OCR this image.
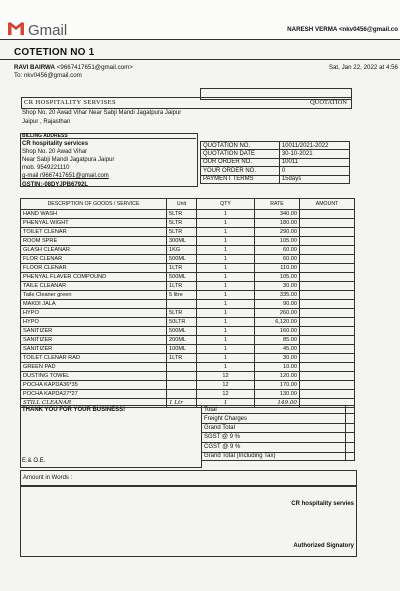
Gmail	NARESH VERMA <nkv0456@gmail.co
COTETION NO 1
RAVI BAIRWA <9667417651@gmail.com>
To: nkv0456@gmail.com
Sat, Jan 22, 2022 at 4:56
CR HOSPITALITY SERVISES	QUOTATION
Shop No. 20 Awad Vihar Near Sabji Mandi Jagatpura Jaipur
Jaipur , Rajasthan
BILLING ADDRESS
CR hospitality services
Shop No. 20 Awad Vihar
Near Sabji Mandi Jagatpura Jaipur
mob. 9549221110
g-mail r9667417651@gmail.com
GSTIN:-08DYJPB6792L
QUOTATION NO.	10011/2021-2022
QUOTATION DATE	30-10-2021
OUR ORDER NO.	10011
YOUR ORDER NO.	0
PAYMENT TERMS	15days
DESCRIPTION OF GOODS / SERVICE	Unit	QTY	RATE	AMOUNT
HAND WASH	5LTR	1	340.00	
PHENYAL WIGHT	5LTR	1	180.00	
TOILET CLENAR	5LTR	1	290.00	
ROOM SPRE	300ML	1	105.00	
GLASH CLEANAR	1KG	1	60.00	
FLOR CLENAR	500ML	1	60.00	
FLOOR CLENAR	1LTR	1	110.00	
PHENYAL FLAVER COMPOUND	500ML	1	105.00	
TAILE CLEANAR	1LTR	1	30.00	
Taile Cleaner green	5 litre	1	335.00	
MAKDI JALA		1	90.00	
HYPO	5LTR	1	260.00	
HYPO	50LTR	1	6,120.00	
SANITIZER	500ML	1	160.00	
SANITIZER	200ML	1	85.00	
SANITIZER	100ML	1	45.00	
TOILET CLENAR RAD	1LTR	1	30.00	
GREEN PAD		1	10.00	
DUSTING TOWEL		12	120.00	
POCHA KAPDA36*35		12	170.00	
POCHA KAPDA27*27		12	130.00	
STILL CLEANAR	1 Ltr	1	149.00	
THANK YOU FOR YOUR BUSINESS!
E.& O.E.
Total	
Freight Charges	
Grand Total	
SGST @ 9 %	
CGST @ 9 %	
Grand Total (Including Tax)	
Amount in Words :
CR hospitality servies
Authorized Signatory
